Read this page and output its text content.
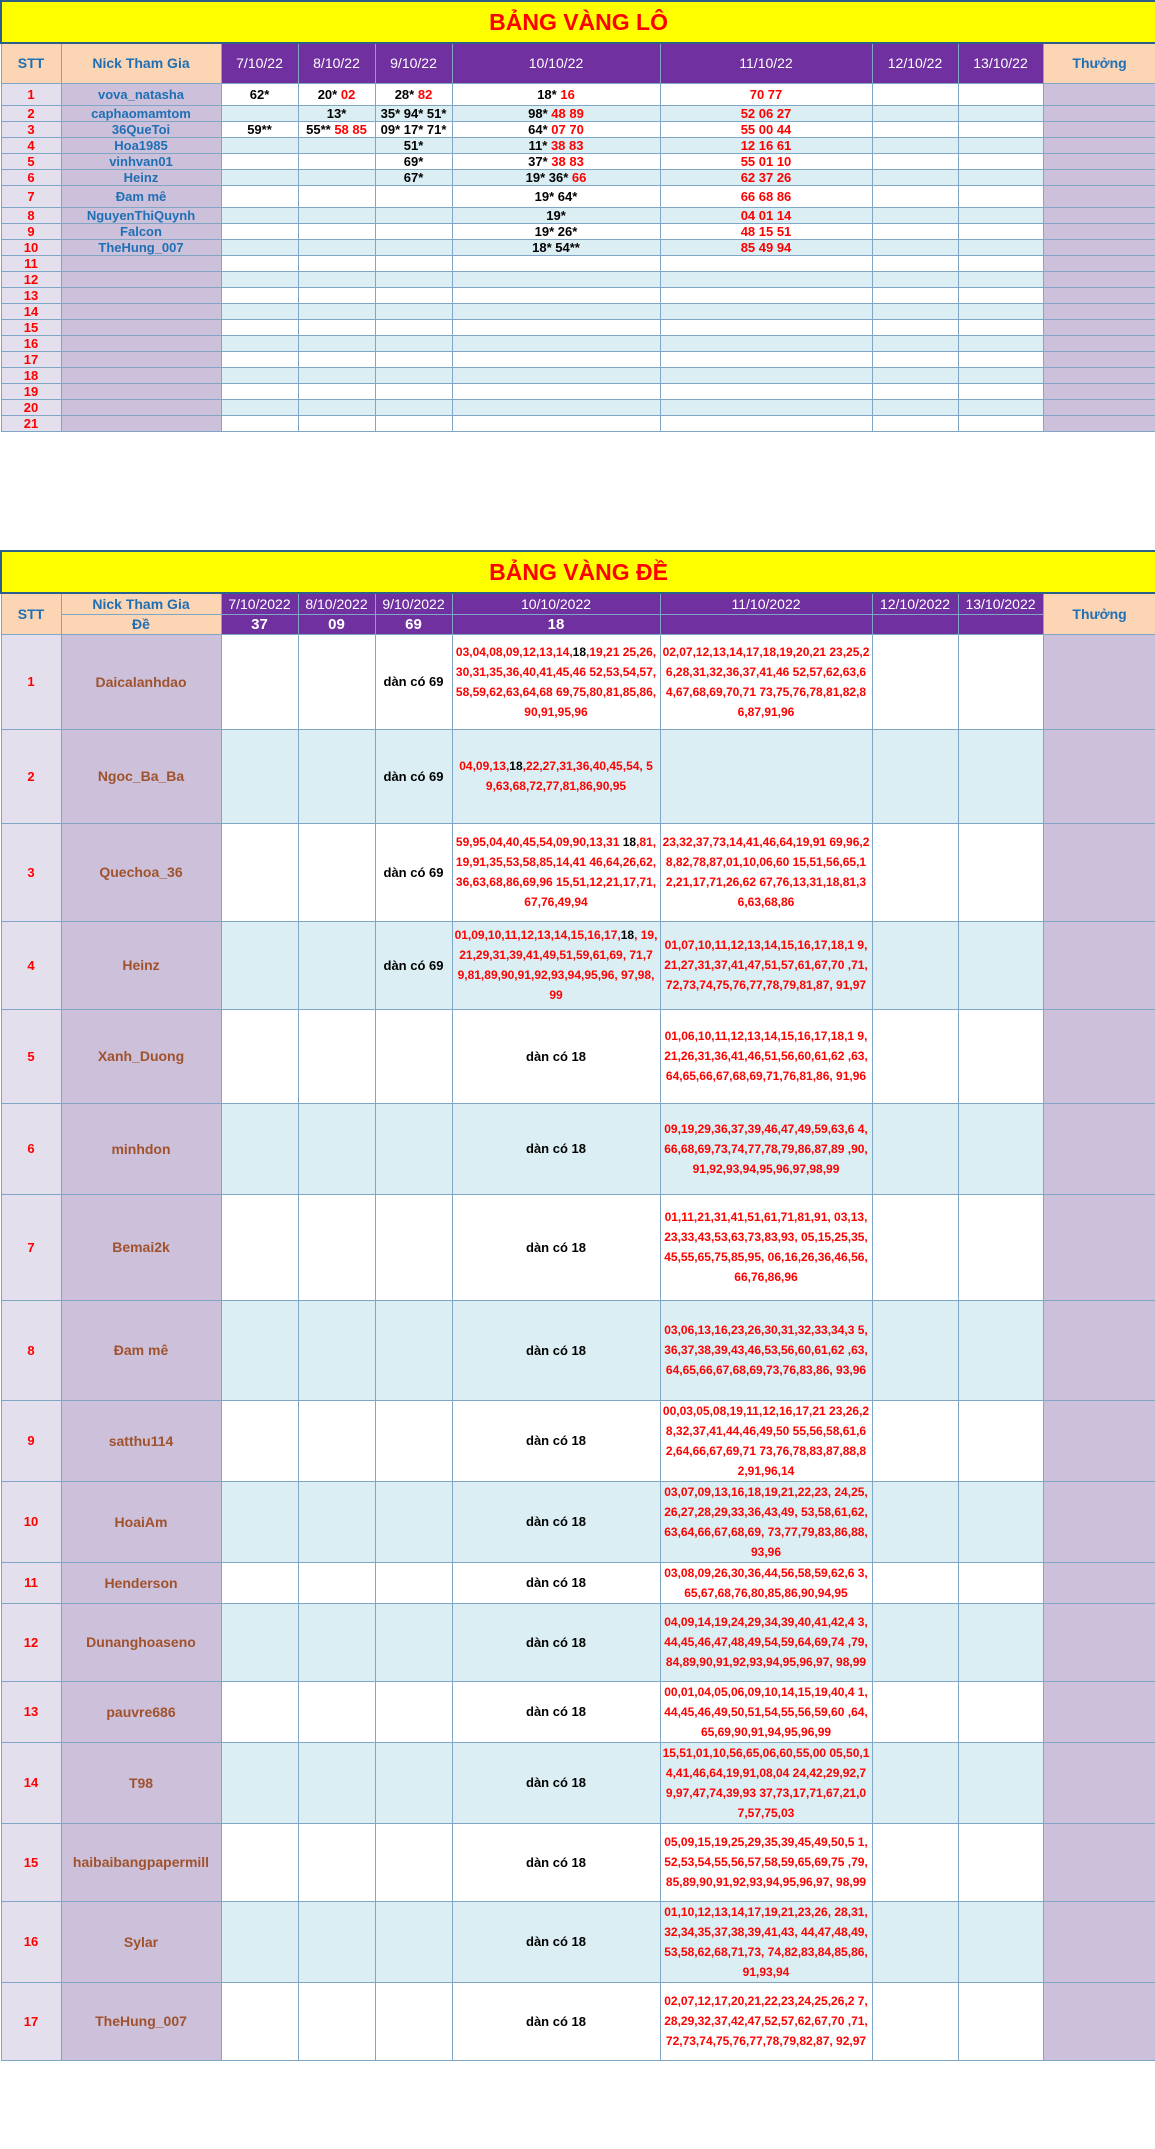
BẢNG VÀNG LÔ									
STT	Nick Tham Gia	7/10/22	8/10/22	9/10/22	10/10/22	11/10/22	12/10/22	13/10/22	Thưởng
1	vova_natasha	62*	20* 02	28* 82	18* 16	70 77			
2	caphaomamtom		13*	35* 94* 51*	98* 48 89	52 06 27			
3	36QueToi	59**	55** 58 85	09* 17* 71*	64* 07 70	55 00 44			
4	Hoa1985			51*	11* 38 83	12 16 61			
5	vinhvan01			69*	37* 38 83	55 01 10			
6	Heinz			67*	19* 36* 66	62 37 26			
7	Đam mê				19* 64*	66 68 86			
8	NguyenThiQuynh				19*	04 01 14			
9	Falcon				19* 26*	48 15 51			
10	TheHung_007				18* 54**	85 49 94			
11									
12									
13									
14									
15									
16									
17									
18									
19									
20									
21									
BẢNG VÀNG ĐỀ									
STT	Nick Tham Gia	7/10/2022	8/10/2022	9/10/2022	10/10/2022	11/10/2022	12/10/2022	13/10/2022	Thưởng
	Đề	37	09	69	18				
1	Daicalanhdao			dàn có 69	03,04,08,09,12,13,14,18,19,21 25,26,30,31,35,36,40,41,45,46 52,53,54,57,58,59,62,63,64,68 69,75,80,81,85,86,90,91,95,96	02,07,12,13,14,17,18,19,20,21 23,25,26,28,31,32,36,37,41,46 52,57,62,63,64,67,68,69,70,71 73,75,76,78,81,82,86,87,91,96			
2	Ngoc_Ba_Ba			dàn có 69	04,09,13,18,22,27,31,36,40,45,54, 59,63,68,72,77,81,86,90,95				
3	Quechoa_36			dàn có 69	59,95,04,40,45,54,09,90,13,31 18,81,19,91,35,53,58,85,14,41 46,64,26,62,36,63,68,86,69,96 15,51,12,21,17,71,67,76,49,94	23,32,37,73,14,41,46,64,19,91 69,96,28,82,78,87,01,10,06,60 15,51,56,65,12,21,17,71,26,62 67,76,13,31,18,81,36,63,68,86			
4	Heinz			dàn có 69	01,09,10,11,12,13,14,15,16,17,18, 19,21,29,31,39,41,49,51,59,61,69, 71,79,81,89,90,91,92,93,94,95,96, 97,98,99	01,07,10,11,12,13,14,15,16,17,18,1 9,21,27,31,37,41,47,51,57,61,67,70 ,71,72,73,74,75,76,77,78,79,81,87, 91,97			
5	Xanh_Duong				dàn có 18	01,06,10,11,12,13,14,15,16,17,18,1 9,21,26,31,36,41,46,51,56,60,61,62 ,63,64,65,66,67,68,69,71,76,81,86, 91,96			
6	minhdon				dàn có 18	09,19,29,36,37,39,46,47,49,59,63,6 4,66,68,69,73,74,77,78,79,86,87,89 ,90,91,92,93,94,95,96,97,98,99			
7	Bemai2k				dàn có 18	01,11,21,31,41,51,61,71,81,91, 03,13,23,33,43,53,63,73,83,93, 05,15,25,35,45,55,65,75,85,95, 06,16,26,36,46,56,66,76,86,96			
8	Đam mê				dàn có 18	03,06,13,16,23,26,30,31,32,33,34,3 5,36,37,38,39,43,46,53,56,60,61,62 ,63,64,65,66,67,68,69,73,76,83,86, 93,96			
9	satthu114				dàn có 18	00,03,05,08,19,11,12,16,17,21 23,26,28,32,37,41,44,46,49,50 55,56,58,61,62,64,66,67,69,71 73,76,78,83,87,88,82,91,96,14			
10	HoaiAm				dàn có 18	03,07,09,13,16,18,19,21,22,23, 24,25,26,27,28,29,33,36,43,49, 53,58,61,62,63,64,66,67,68,69, 73,77,79,83,86,88,93,96			
11	Henderson				dàn có 18	03,08,09,26,30,36,44,56,58,59,62,6 3,65,67,68,76,80,85,86,90,94,95			
12	Dunanghoaseno				dàn có 18	04,09,14,19,24,29,34,39,40,41,42,4 3,44,45,46,47,48,49,54,59,64,69,74 ,79,84,89,90,91,92,93,94,95,96,97, 98,99			
13	pauvre686				dàn có 18	00,01,04,05,06,09,10,14,15,19,40,4 1,44,45,46,49,50,51,54,55,56,59,60 ,64,65,69,90,91,94,95,96,99			
14	T98				dàn có 18	15,51,01,10,56,65,06,60,55,00 05,50,14,41,46,64,19,91,08,04 24,42,29,92,79,97,47,74,39,93 37,73,17,71,67,21,07,57,75,03			
15	haibaibangpapermill				dàn có 18	05,09,15,19,25,29,35,39,45,49,50,5 1,52,53,54,55,56,57,58,59,65,69,75 ,79,85,89,90,91,92,93,94,95,96,97, 98,99			
16	Sylar				dàn có 18	01,10,12,13,14,17,19,21,23,26, 28,31,32,34,35,37,38,39,41,43, 44,47,48,49,53,58,62,68,71,73, 74,82,83,84,85,86,91,93,94			
17	TheHung_007				dàn có 18	02,07,12,17,20,21,22,23,24,25,26,2 7,28,29,32,37,42,47,52,57,62,67,70 ,71,72,73,74,75,76,77,78,79,82,87, 92,97			
